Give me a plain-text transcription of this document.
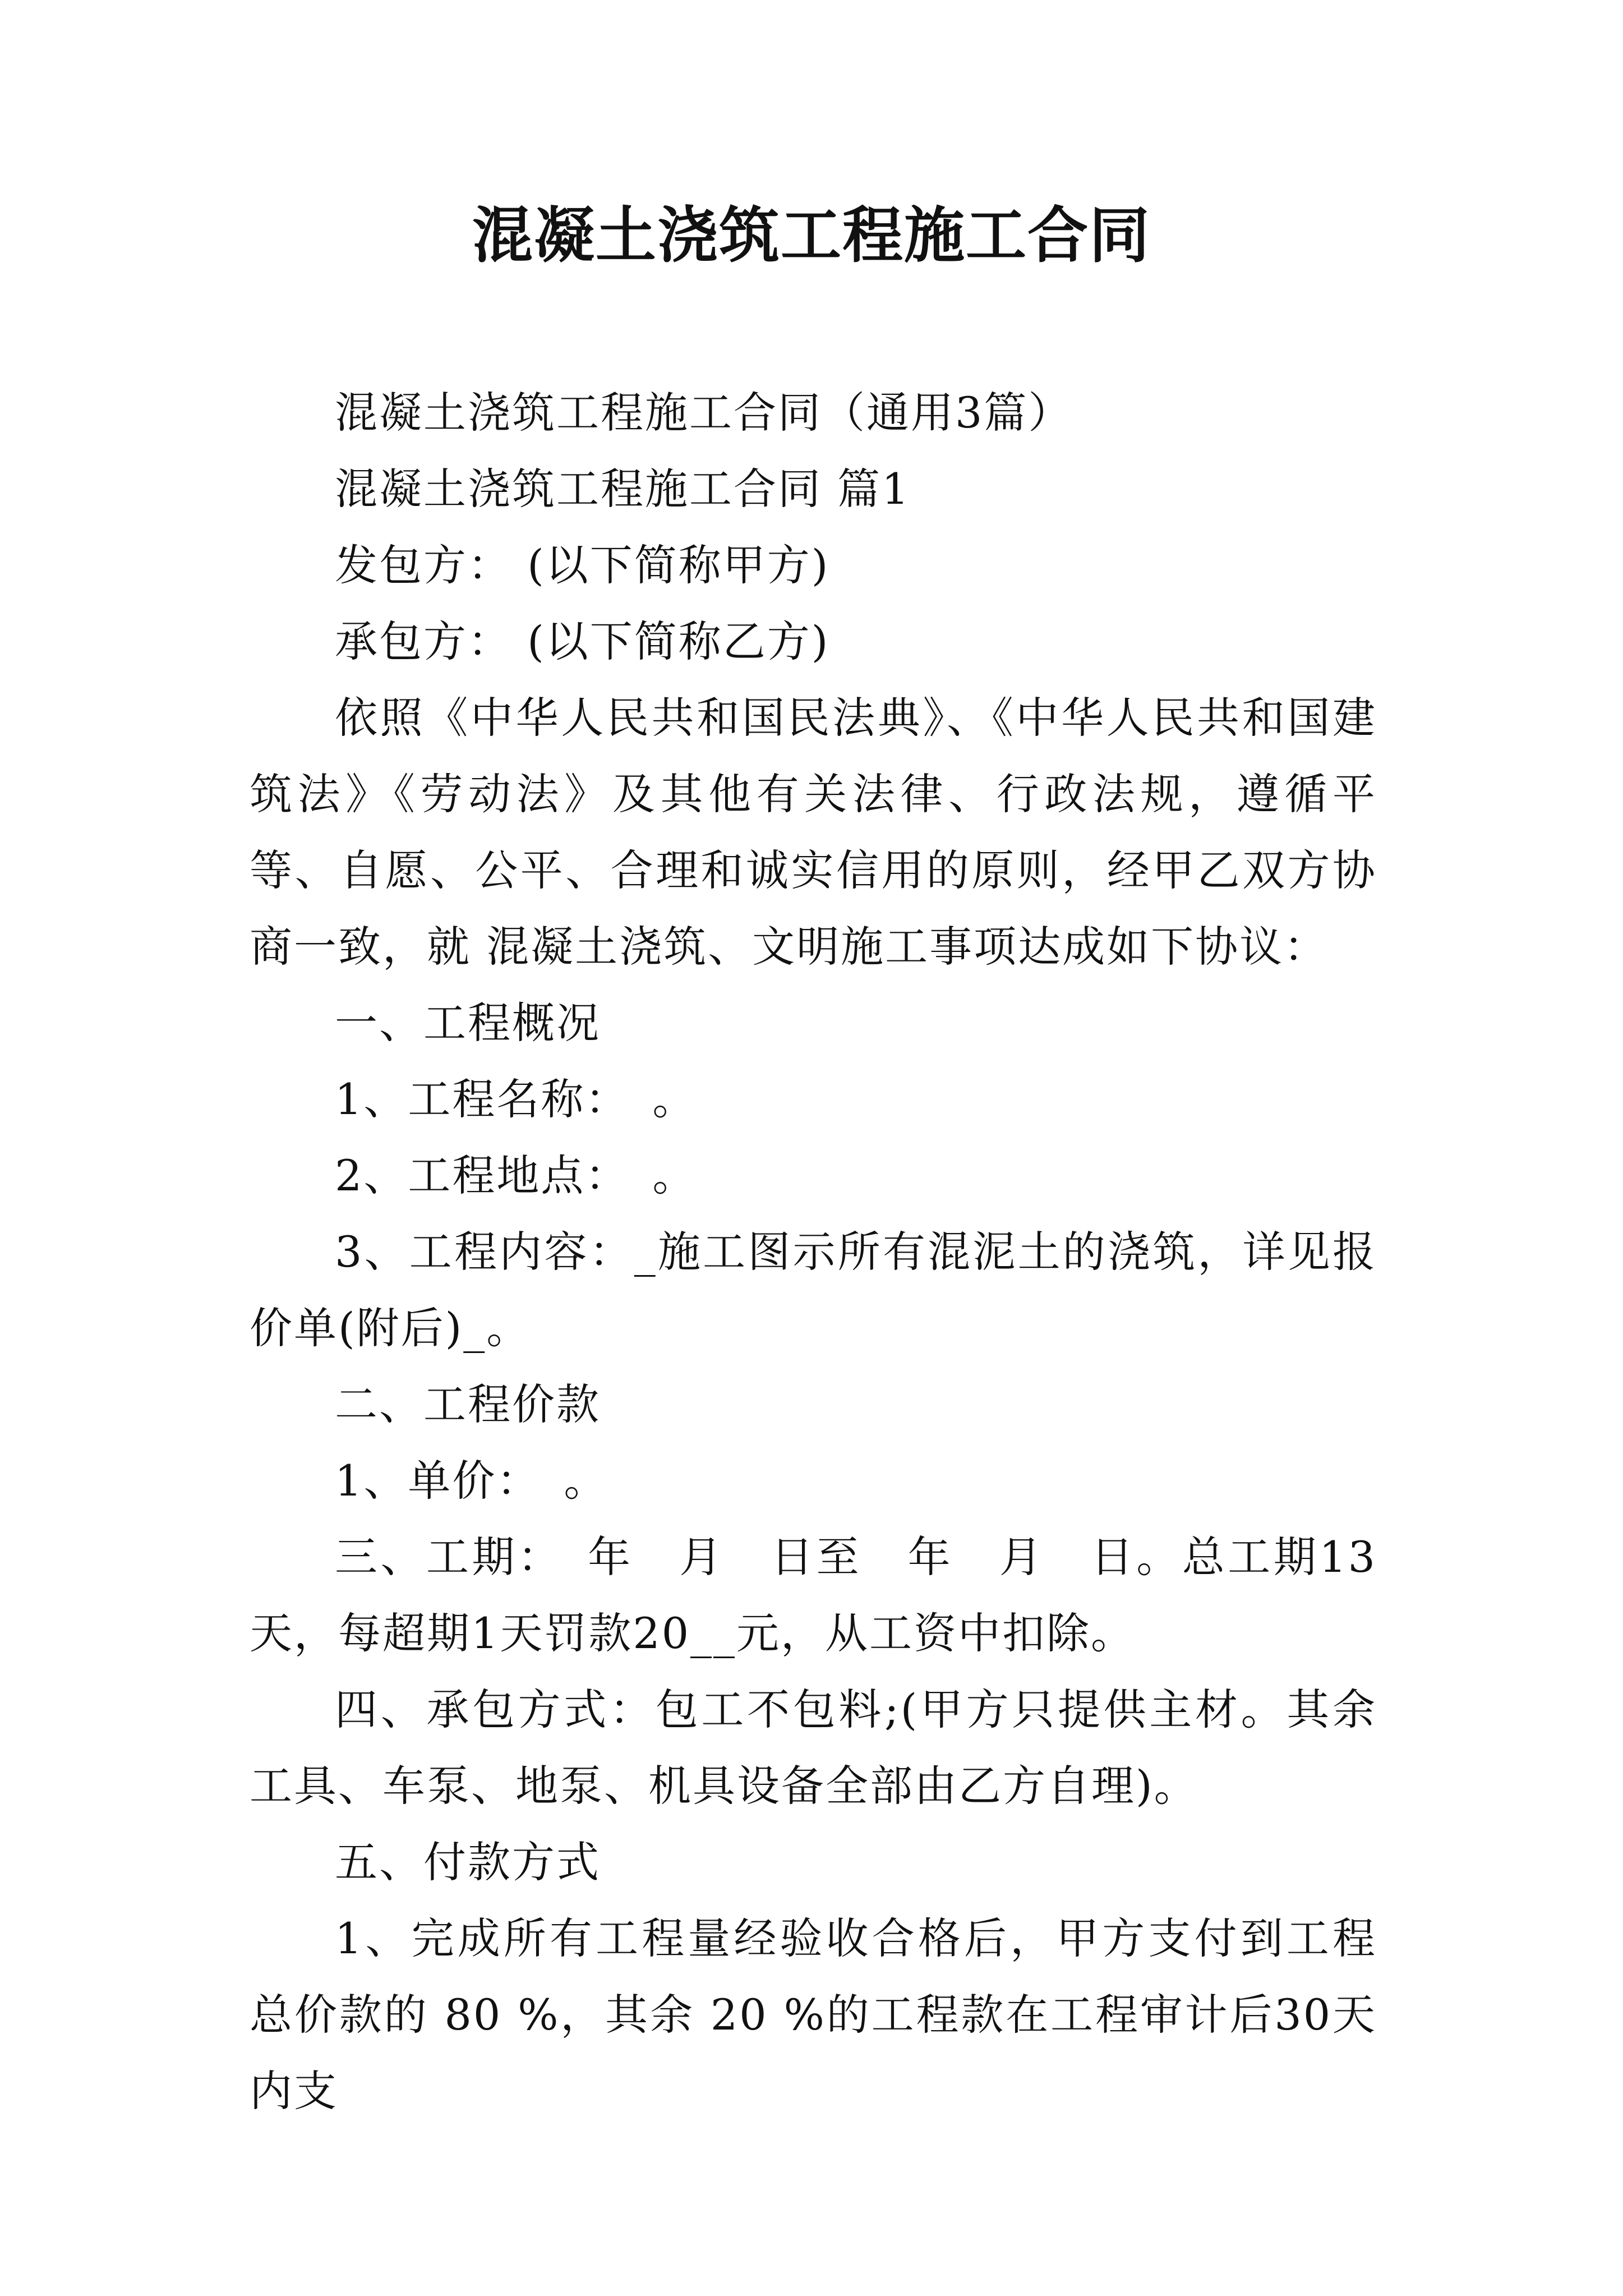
混凝土浇筑工程施工合同

混凝土浇筑工程施工合同（通用3篇）

混凝土浇筑工程施工合同 篇1

发包方： (以下简称甲方)

承包方： (以下简称乙方)

依照《中华人民共和国民法典》、《中华人民共和国建筑法》《劳动法》及其他有关法律、行政法规，遵循平等、自愿、公平、合理和诚实信用的原则，经甲乙双方协商一致，就 混凝土浇筑、文明施工事项达成如下协议：

一、工程概况

1、工程名称：　。

2、工程地点：　。

3、工程内容：_施工图示所有混泥土的浇筑，详见报价单(附后)_。

二、工程价款

1、单价：　。

三、工期：　年　月　日至　年　月　日。总工期13天，每超期1天罚款20__元，从工资中扣除。

四、承包方式：包工不包料;(甲方只提供主材。其余工具、车泵、地泵、机具设备全部由乙方自理)。

五、付款方式

1、完成所有工程量经验收合格后，甲方支付到工程总价款的 80 %，其余 20 %的工程款在工程审计后30天内支
